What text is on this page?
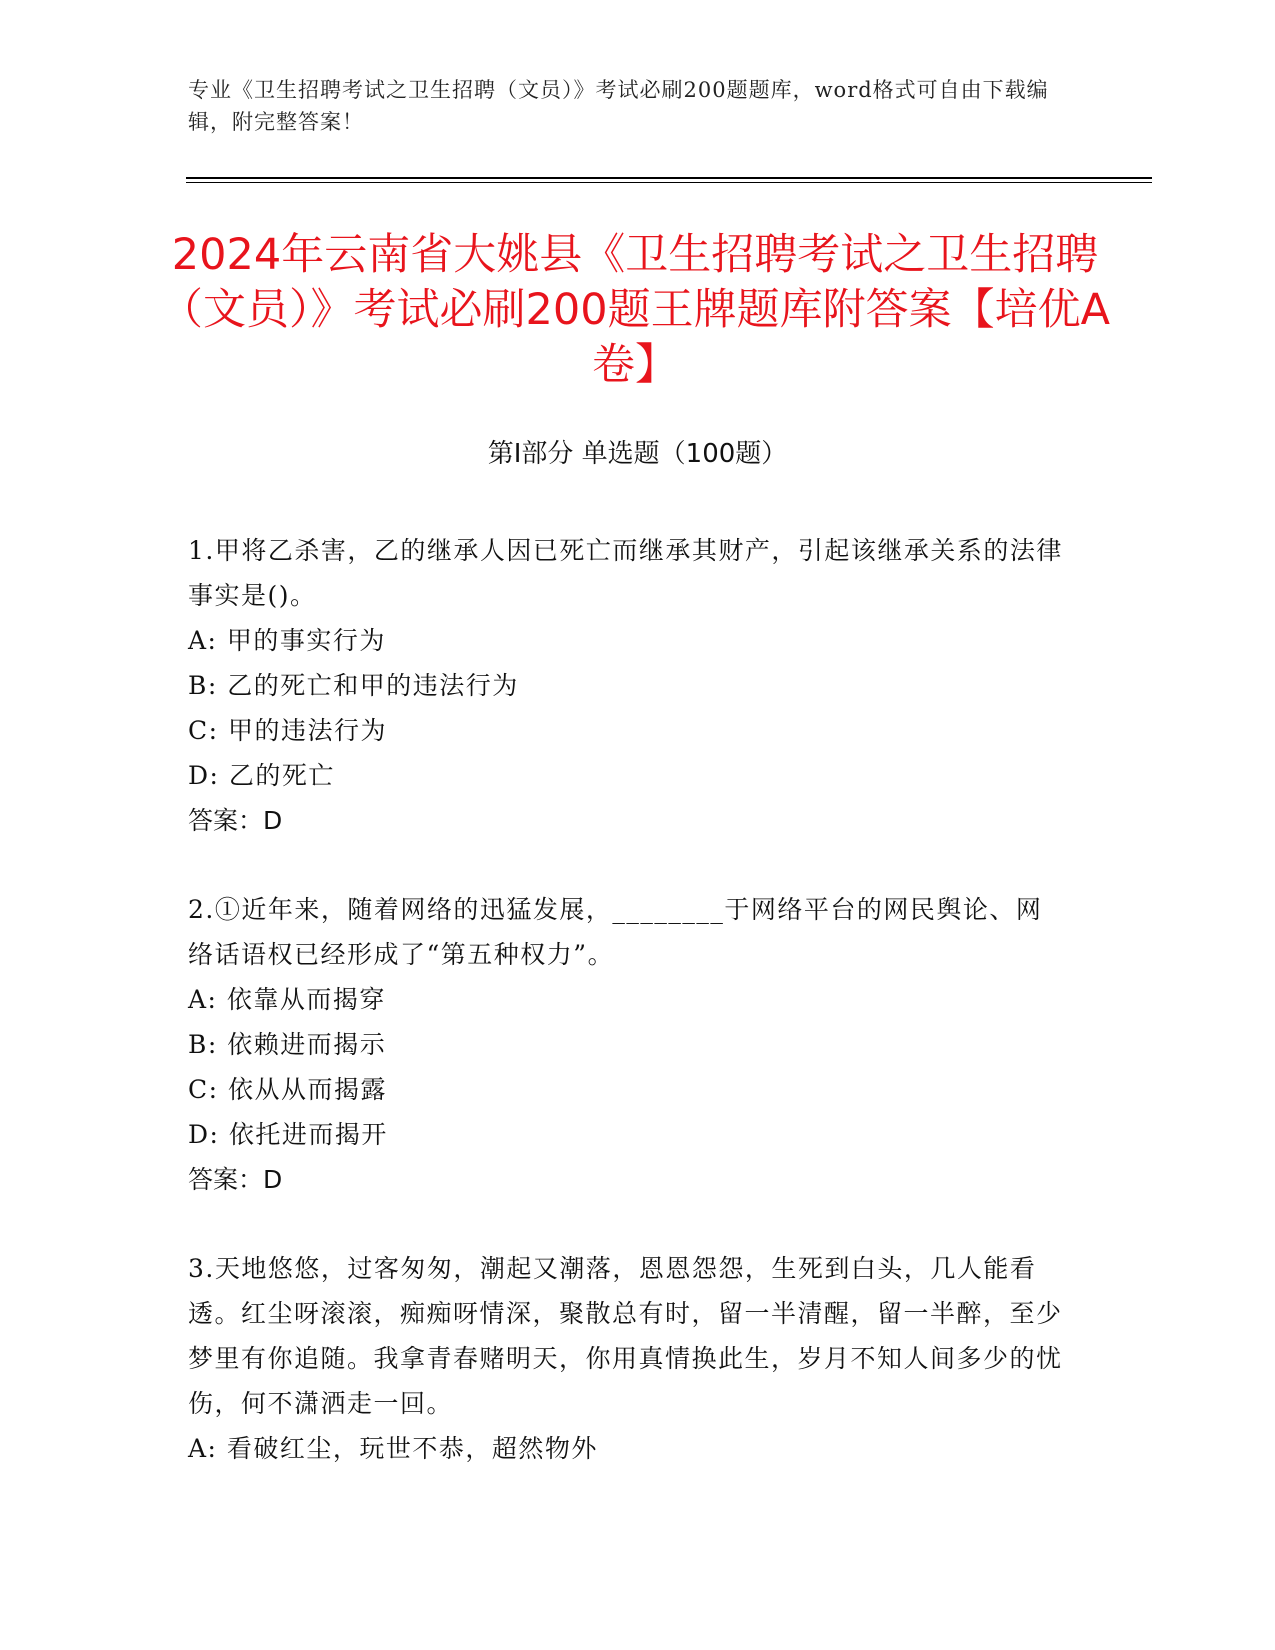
专业《卫生招聘考试之卫生招聘（文员）》考试必刷200题题库，word格式可自由下载编辑，附完整答案！
2024年云南省大姚县《卫生招聘考试之卫生招聘（文员）》考试必刷200题王牌题库附答案【培优A卷】
第I部分 单选题（100题）

1.甲将乙杀害，乙的继承人因已死亡而继承其财产，引起该继承关系的法律事实是()。

A: 甲的事实行为

B: 乙的死亡和甲的违法行为

C: 甲的违法行为

D: 乙的死亡

答案：D

2.①近年来，随着网络的迅猛发展，________于网络平台的网民舆论、网络话语权已经形成了“第五种权力”。

A: 依靠从而揭穿

B: 依赖进而揭示

C: 依从从而揭露

D: 依托进而揭开

答案：D

3.天地悠悠，过客匆匆，潮起又潮落，恩恩怨怨，生死到白头，几人能看透。红尘呀滚滚，痴痴呀情深，聚散总有时，留一半清醒，留一半醉，至少梦里有你追随。我拿青春赌明天，你用真情换此生，岁月不知人间多少的忧伤，何不潇洒走一回。

A: 看破红尘，玩世不恭，超然物外
